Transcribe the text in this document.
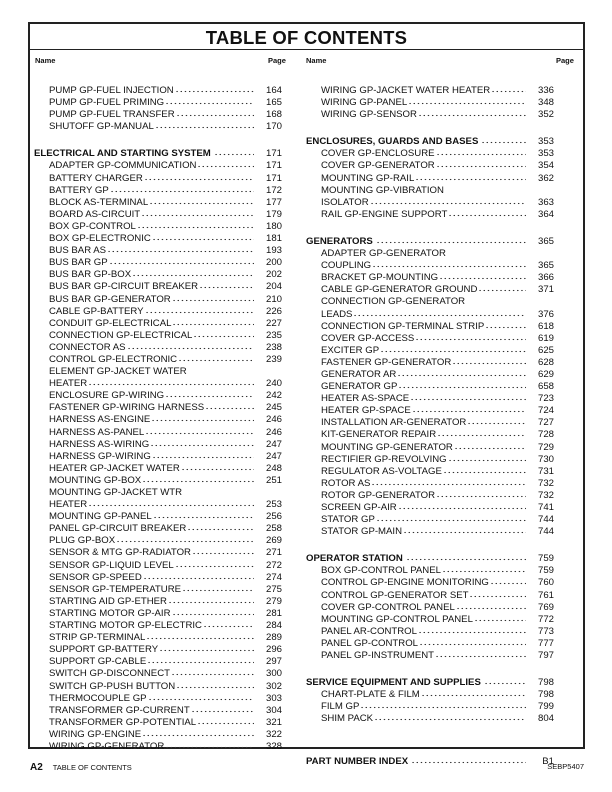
TABLE OF CONTENTS
Name	Page	Name	Page
PUMP GP-FUEL INJECTION	164
PUMP GP-FUEL PRIMING	165
PUMP GP-FUEL TRANSFER	168
SHUTOFF GP-MANUAL	170
ELECTRICAL AND STARTING SYSTEM	171
ADAPTER GP-COMMUNICATION	171
BATTERY CHARGER	171
BATTERY GP	172
BLOCK AS-TERMINAL	177
BOARD AS-CIRCUIT	179
BOX GP-CONTROL	180
BOX GP-ELECTRONIC	181
BUS BAR AS	193
BUS BAR GP	200
BUS BAR GP-BOX	202
BUS BAR GP-CIRCUIT BREAKER	204
BUS BAR GP-GENERATOR	210
CABLE GP-BATTERY	226
CONDUIT GP-ELECTRICAL	227
CONNECTION GP-ELECTRICAL	235
CONNECTOR AS	238
CONTROL GP-ELECTRONIC	239
ELEMENT GP-JACKET WATER
HEATER	240
ENCLOSURE GP-WIRING	242
FASTENER GP-WIRING HARNESS	245
HARNESS AS-ENGINE	246
HARNESS AS-PANEL	246
HARNESS AS-WIRING	247
HARNESS GP-WIRING	247
HEATER GP-JACKET WATER	248
MOUNTING GP-BOX	251
MOUNTING GP-JACKET WTR
HEATER	253
MOUNTING GP-PANEL	256
PANEL GP-CIRCUIT BREAKER	258
PLUG GP-BOX	269
SENSOR & MTG GP-RADIATOR	271
SENSOR GP-LIQUID LEVEL	272
SENSOR GP-SPEED	274
SENSOR GP-TEMPERATURE	275
STARTING AID GP-ETHER	279
STARTING MOTOR GP-AIR	281
STARTING MOTOR GP-ELECTRIC	284
STRIP GP-TERMINAL	289
SUPPORT GP-BATTERY	296
SUPPORT GP-CABLE	297
SWITCH GP-DISCONNECT	300
SWITCH GP-PUSH BUTTON	302
THERMOCOUPLE GP	303
TRANSFORMER GP-CURRENT	304
TRANSFORMER GP-POTENTIAL	321
WIRING GP-ENGINE	322
WIRING GP-GENERATOR	328
WIRING GP-JACKET WATER HEATER	336
WIRING GP-PANEL	348
WIRING GP-SENSOR	352
ENCLOSURES, GUARDS AND BASES	353
COVER GP-ENCLOSURE	353
COVER GP-GENERATOR	354
MOUNTING GP-RAIL	362
MOUNTING GP-VIBRATION
ISOLATOR	363
RAIL GP-ENGINE SUPPORT	364
GENERATORS	365
ADAPTER GP-GENERATOR
COUPLING	365
BRACKET GP-MOUNTING	366
CABLE GP-GENERATOR GROUND	371
CONNECTION GP-GENERATOR
LEADS	376
CONNECTION GP-TERMINAL STRIP	618
COVER GP-ACCESS	619
EXCITER GP	625
FASTENER GP-GENERATOR	628
GENERATOR AR	629
GENERATOR GP	658
HEATER AS-SPACE	723
HEATER GP-SPACE	724
INSTALLATION AR-GENERATOR	727
KIT-GENERATOR REPAIR	728
MOUNTING GP-GENERATOR	729
RECTIFIER GP-REVOLVING	730
REGULATOR AS-VOLTAGE	731
ROTOR AS	732
ROTOR GP-GENERATOR	732
SCREEN GP-AIR	741
STATOR GP	744
STATOR GP-MAIN	744
OPERATOR STATION	759
BOX GP-CONTROL PANEL	759
CONTROL GP-ENGINE MONITORING	760
CONTROL GP-GENERATOR SET	761
COVER GP-CONTROL PANEL	769
MOUNTING GP-CONTROL PANEL	772
PANEL AR-CONTROL	773
PANEL GP-CONTROL	777
PANEL GP-INSTRUMENT	797
SERVICE EQUIPMENT AND SUPPLIES	798
CHART-PLATE & FILM	798
FILM GP	799
SHIM PACK	804
PART NUMBER INDEX	B1
A2 TABLE OF CONTENTS	SEBP5407
